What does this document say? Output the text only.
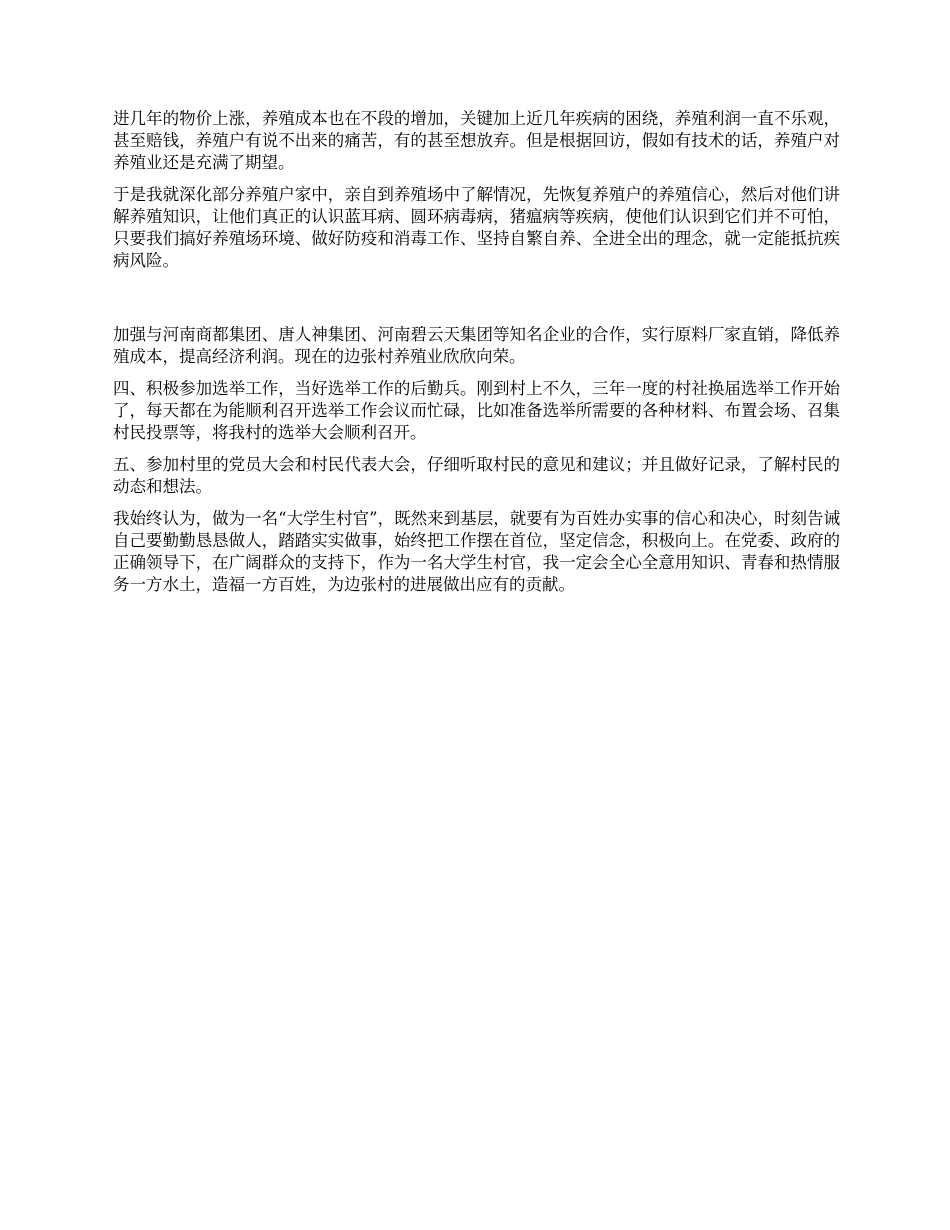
进几年的物价上涨，养殖成本也在不段的增加，关键加上近几年疾病的困绕，养殖利润一直不乐观，甚至赔钱，养殖户有说不出来的痛苦，有的甚至想放弃。但是根据回访，假如有技术的话，养殖户对养殖业还是充满了期望。

于是我就深化部分养殖户家中，亲自到养殖场中了解情况，先恢复养殖户的养殖信心，然后对他们讲解养殖知识，让他们真正的认识蓝耳病、圆环病毒病，猪瘟病等疾病，使他们认识到它们并不可怕，只要我们搞好养殖场环境、做好防疫和消毒工作、坚持自繁自养、全进全出的理念，就一定能抵抗疾病风险。

加强与河南商都集团、唐人神集团、河南碧云天集团等知名企业的合作，实行原料厂家直销，降低养殖成本，提高经济利润。现在的边张村养殖业欣欣向荣。

四、积极参加选举工作，当好选举工作的后勤兵。刚到村上不久，三年一度的村社换届选举工作开始了，每天都在为能顺利召开选举工作会议而忙碌，比如准备选举所需要的各种材料、布置会场、召集村民投票等，将我村的选举大会顺利召开。

五、参加村里的党员大会和村民代表大会，仔细听取村民的意见和建议；并且做好记录，了解村民的动态和想法。

我始终认为，做为一名“大学生村官”，既然来到基层，就要有为百姓办实事的信心和决心，时刻告诫自己要勤勤恳恳做人，踏踏实实做事，始终把工作摆在首位，坚定信念，积极向上。在党委、政府的正确领导下，在广阔群众的支持下，作为一名大学生村官，我一定会全心全意用知识、青春和热情服务一方水土，造福一方百姓，为边张村的进展做出应有的贡献。
